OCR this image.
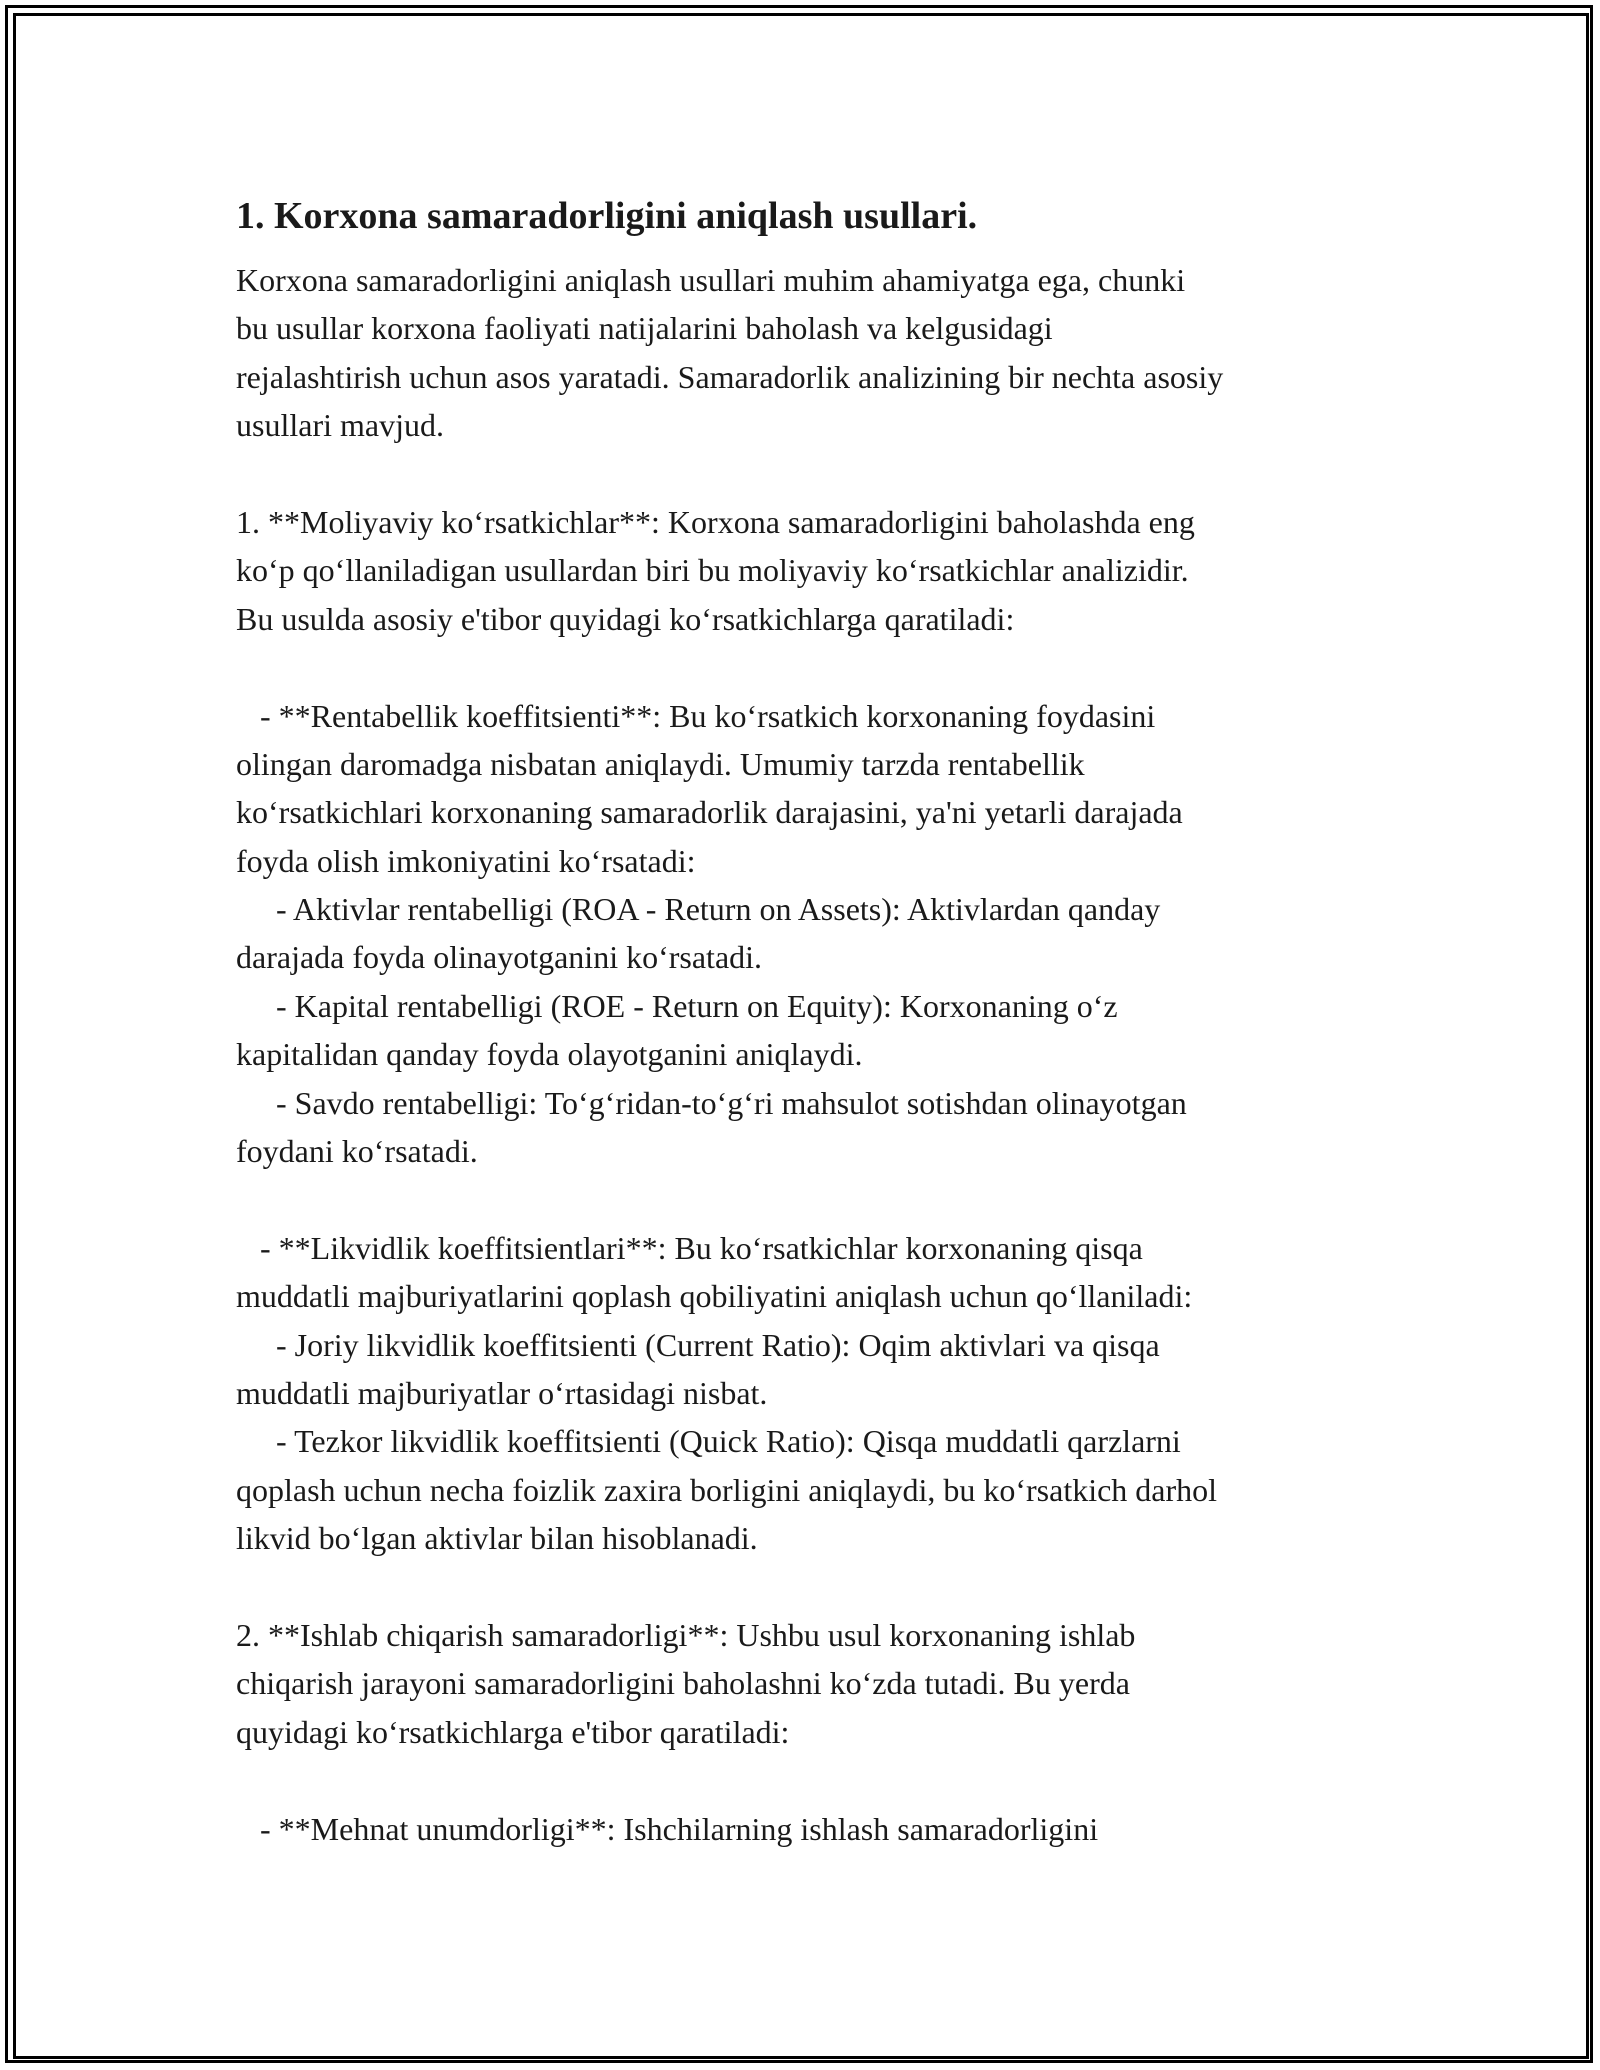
1. Korxona samaradorligini aniqlash usullari.
Korxona samaradorligini aniqlash usullari muhim ahamiyatga ega, chunki
bu usullar korxona faoliyati natijalarini baholash va kelgusidagi
rejalashtirish uchun asos yaratadi. Samaradorlik analizining bir nechta asosiy
usullari mavjud.
1. **Moliyaviy koʻrsatkichlar**: Korxona samaradorligini baholashda eng
koʻp qoʻllaniladigan usullardan biri bu moliyaviy koʻrsatkichlar analizidir.
Bu usulda asosiy e'tibor quyidagi koʻrsatkichlarga qaratiladi:
- **Rentabellik koeffitsienti**: Bu koʻrsatkich korxonaning foydasini
olingan daromadga nisbatan aniqlaydi. Umumiy tarzda rentabellik
koʻrsatkichlari korxonaning samaradorlik darajasini, ya'ni yetarli darajada
foyda olish imkoniyatini koʻrsatadi:
- Aktivlar rentabelligi (ROA - Return on Assets): Aktivlardan qanday
darajada foyda olinayotganini koʻrsatadi.
- Kapital rentabelligi (ROE - Return on Equity): Korxonaning oʻz
kapitalidan qanday foyda olayotganini aniqlaydi.
- Savdo rentabelligi: Toʻgʻridan-toʻgʻri mahsulot sotishdan olinayotgan
foydani koʻrsatadi.
- **Likvidlik koeffitsientlari**: Bu koʻrsatkichlar korxonaning qisqa
muddatli majburiyatlarini qoplash qobiliyatini aniqlash uchun qoʻllaniladi:
- Joriy likvidlik koeffitsienti (Current Ratio): Oqim aktivlari va qisqa
muddatli majburiyatlar oʻrtasidagi nisbat.
- Tezkor likvidlik koeffitsienti (Quick Ratio): Qisqa muddatli qarzlarni
qoplash uchun necha foizlik zaxira borligini aniqlaydi, bu koʻrsatkich darhol
likvid boʻlgan aktivlar bilan hisoblanadi.
2. **Ishlab chiqarish samaradorligi**: Ushbu usul korxonaning ishlab
chiqarish jarayoni samaradorligini baholashni koʻzda tutadi. Bu yerda
quyidagi koʻrsatkichlarga e'tibor qaratiladi:
- **Mehnat unumdorligi**: Ishchilarning ishlash samaradorligini
